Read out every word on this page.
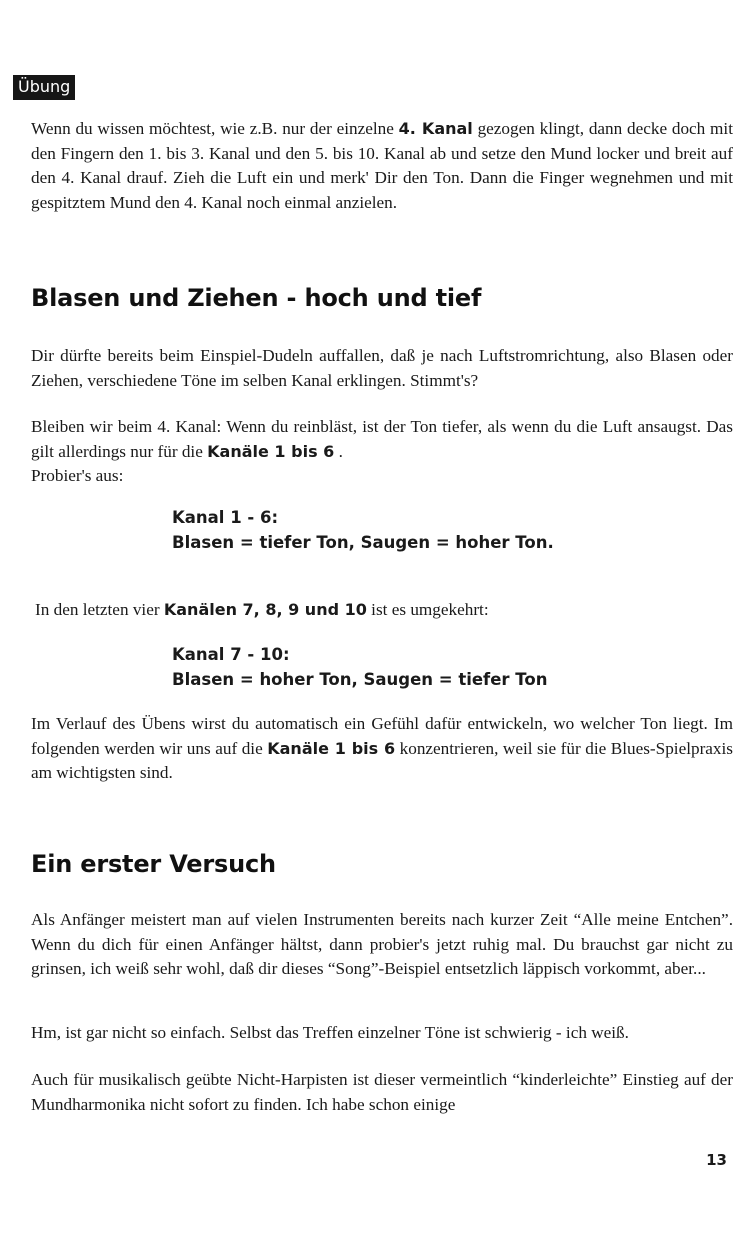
Übung

Wenn du wissen möchtest, wie z.B. nur der einzelne 4. Kanal gezogen klingt, dann decke doch mit den Fingern den 1. bis 3. Kanal und den 5. bis 10. Kanal ab und setze den Mund locker und breit auf den 4. Kanal drauf. Zieh die Luft ein und merk' Dir den Ton. Dann die Finger wegnehmen und mit gespitztem Mund den 4. Kanal noch einmal anzielen.

Blasen und Ziehen - hoch und tief

Dir dürfte bereits beim Einspiel-Dudeln auffallen, daß je nach Luftstromrichtung, also Blasen oder Ziehen, verschiedene Töne im selben Kanal erklingen. Stimmt's?

Bleiben wir beim 4. Kanal: Wenn du reinbläst, ist der Ton tiefer, als wenn du die Luft ansaugst. Das gilt allerdings nur für die Kanäle 1 bis 6 .
Probier's aus:

Kanal 1 - 6:
Blasen = tiefer Ton, Saugen = hoher Ton.

In den letzten vier Kanälen 7, 8, 9 und 10 ist es umgekehrt:

Kanal 7 - 10:
Blasen = hoher Ton, Saugen = tiefer Ton

Im Verlauf des Übens wirst du automatisch ein Gefühl dafür entwickeln, wo welcher Ton liegt. Im folgenden werden wir uns auf die Kanäle 1 bis 6 konzentrieren, weil sie für die Blues-Spielpraxis am wichtigsten sind.

Ein erster Versuch

Als Anfänger meistert man auf vielen Instrumenten bereits nach kurzer Zeit “Alle meine Entchen”. Wenn du dich für einen Anfänger hältst, dann probier's jetzt ruhig mal. Du brauchst gar nicht zu grinsen, ich weiß sehr wohl, daß dir dieses “Song”-Beispiel entsetzlich läppisch vorkommt, aber...

Hm, ist gar nicht so einfach. Selbst das Treffen einzelner Töne ist schwierig - ich weiß.

Auch für musikalisch geübte Nicht-Harpisten ist dieser vermeintlich “kinderleichte” Einstieg auf der Mundharmonika nicht sofort zu finden. Ich habe schon einige

13
